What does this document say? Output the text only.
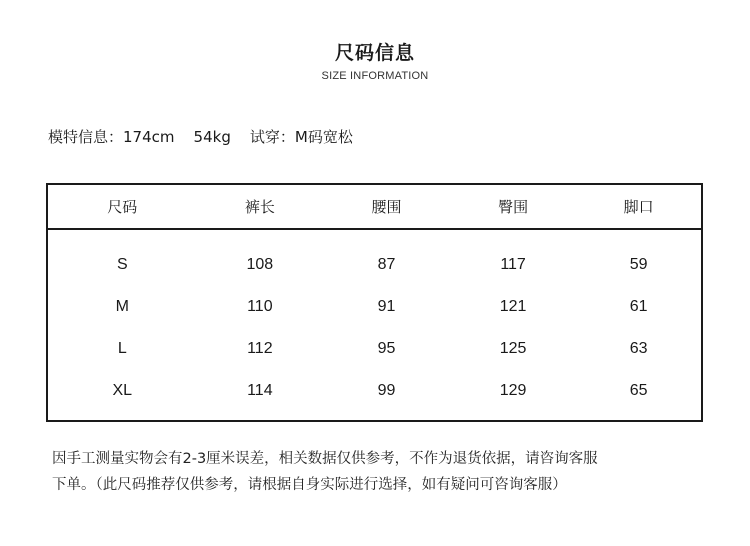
尺码信息
SIZE INFORMATION
模特信息：174cm    54kg    试穿：M码宽松
尺码	裤长	腰围	臀围	脚口
S	108	87	117	59
M	110	91	121	61
L	112	95	125	63
XL	114	99	129	65
因手工测量实物会有2-3厘米误差，相关数据仅供参考，不作为退货依据，请咨询客服
下单。（此尺码推荐仅供参考，请根据自身实际进行选择，如有疑问可咨询客服）
